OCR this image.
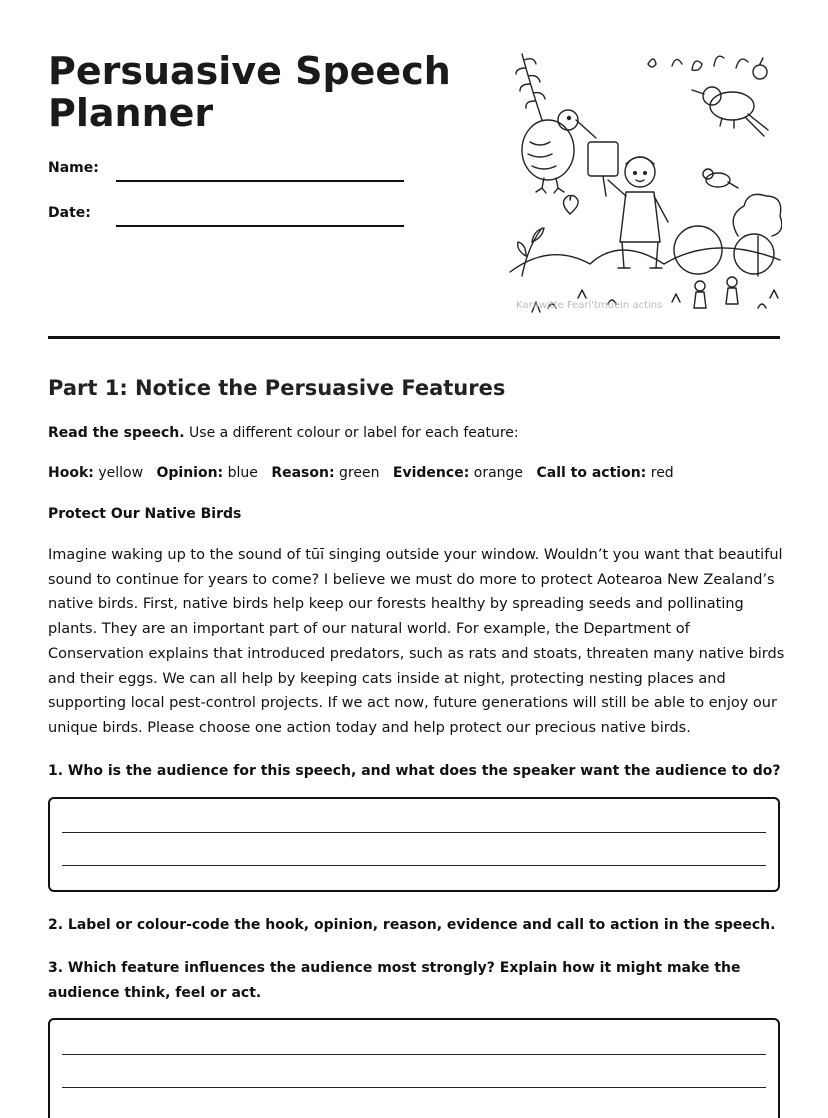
Persuasive Speech Planner
Name:
Date:
Karawitte Fearl'tmuein actins
Part 1: Notice the Persuasive Features
Read the speech. Use a different colour or label for each feature:
Hook: yellow Opinion: blue Reason: green Evidence: orange Call to action: red
Protect Our Native Birds
Imagine waking up to the sound of tūī singing outside your window. Wouldn’t you want that beautiful sound to continue for years to come? I believe we must do more to protect Aotearoa New Zealand’s native birds. First, native birds help keep our forests healthy by spreading seeds and pollinating plants. They are an important part of our natural world. For example, the Department of Conservation explains that introduced predators, such as rats and stoats, threaten many native birds and their eggs. We can all help by keeping cats inside at night, protecting nesting places and supporting local pest-control projects. If we act now, future generations will still be able to enjoy our unique birds. Please choose one action today and help protect our precious native birds.
1. Who is the audience for this speech, and what does the speaker want the audience to do?
2. Label or colour-code the hook, opinion, reason, evidence and call to action in the speech.
3. Which feature influences the audience most strongly? Explain how it might make the audience think, feel or act.
